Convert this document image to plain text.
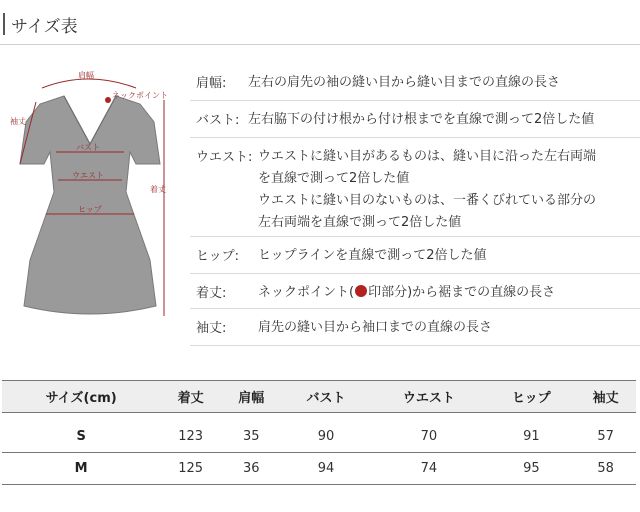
サイズ表
肩幅
ネックポイント
袖丈
バスト
ウエスト
ヒップ
着丈
肩幅: 左右の肩先の袖の縫い目から縫い目までの直線の長さ
バスト: 左右脇下の付け根から付け根までを直線で測って2倍した値
ウエスト: ウエストに縫い目があるものは、縫い目に沿った左右両端
を直線で測って2倍した値
ウエストに縫い目のないものは、一番くびれている部分の
左右両端を直線で測って2倍した値
ヒップ: ヒップラインを直線で測って2倍した値
着丈: ネックポイント( 印部分)から裾までの直線の長さ
袖丈: 肩先の縫い目から袖口までの直線の長さ
サイズ(cm)	着丈	肩幅	バスト	ウエスト	ヒップ	袖丈

S	123	35	90	70	91	57
M	125	36	94	74	95	58
